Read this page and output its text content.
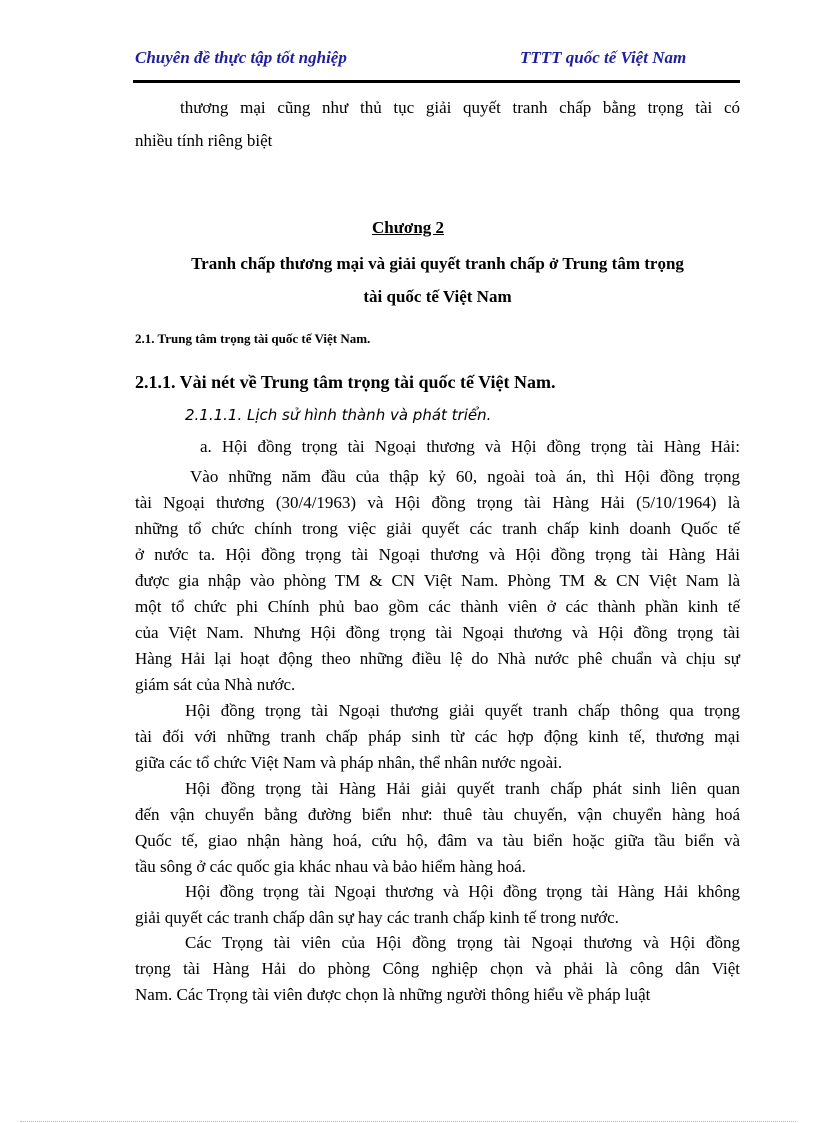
Chuyên đề thực tập tốt nghiệp	TTTT quốc tế Việt Nam
thương mại cũng như thủ tục giải quyết tranh chấp bằng trọng tài có
nhiều tính riêng biệt
Chương 2
Tranh chấp thương mại và giải quyết tranh chấp ở Trung tâm trọng
tài quốc tế Việt Nam
2.1. Trung tâm trọng tài quốc tế Việt Nam.
2.1.1. Vài nét về Trung tâm trọng tài quốc tế Việt Nam.
2.1.1.1. Lịch sử hình thành và phát triển.
a. Hội đồng trọng tài Ngoại thương và Hội đồng trọng tài Hàng Hải:
Vào những năm đầu của thập kỷ 60, ngoài toà án, thì Hội đồng trọng
tài Ngoại thương (30/4/1963) và Hội đồng trọng tài Hàng Hải (5/10/1964) là
những tổ chức chính trong việc giải quyết các tranh chấp kinh doanh Quốc tế
ở nước ta. Hội đồng trọng tài Ngoại thương và Hội đồng trọng tài Hàng Hải
được gia nhập vào phòng TM & CN Việt Nam. Phòng TM & CN Việt Nam là
một tổ chức phi Chính phủ bao gồm các thành viên ở các thành phần kinh tế
của Việt Nam. Nhưng Hội đồng trọng tài Ngoại thương và Hội đồng trọng tài
Hàng Hải lại hoạt động theo những điều lệ do Nhà nước phê chuẩn và chịu sự
giám sát của Nhà nước.
Hội đồng trọng tài Ngoại thương giải quyết tranh chấp thông qua trọng
tài đối với những tranh chấp pháp sinh từ các hợp động kinh tế, thương mại
giữa các tổ chức Việt Nam và pháp nhân, thể nhân nước ngoài.
Hội đồng trọng tài Hàng Hải giải quyết tranh chấp phát sinh liên quan
đến vận chuyển bằng đường biển như: thuê tàu chuyến, vận chuyển hàng hoá
Quốc tế, giao nhận hàng hoá, cứu hộ, đâm va tàu biển hoặc giữa tầu biển và
tầu sông ở các quốc gia khác nhau và bảo hiểm hàng hoá.
Hội đồng trọng tài Ngoại thương và Hội đồng trọng tài Hàng Hải không
giải quyết các tranh chấp dân sự hay các tranh chấp kinh tế trong nước.
Các Trọng tài viên của Hội đồng trọng tài Ngoại thương và Hội đồng
trọng tài Hàng Hải do phòng Công nghiệp chọn và phải là công dân Việt
Nam. Các Trọng tài viên được chọn là những người thông hiểu về pháp luật
